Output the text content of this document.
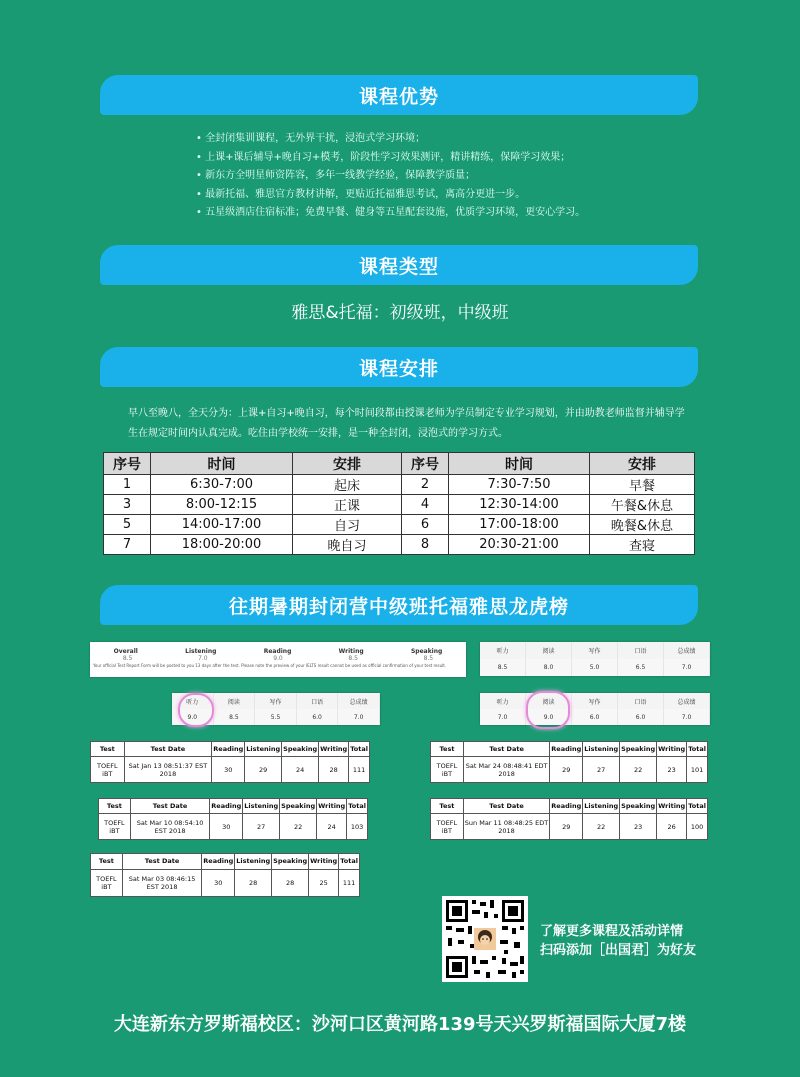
课程优势
• 全封闭集训课程，无外界干扰，浸泡式学习环境；
• 上课+课后辅导+晚自习+模考，阶段性学习效果测评，精讲精练，保障学习效果；
• 新东方全明星师资阵容，多年一线教学经验，保障教学质量；
• 最新托福、雅思官方教材讲解，更贴近托福雅思考试，离高分更进一步。
• 五星级酒店住宿标准；免费早餐、健身等五星配套设施，优质学习环境，更安心学习。
课程类型
雅思&托福：初级班，中级班
课程安排
早八至晚八，全天分为：上课+自习+晚自习，每个时间段都由授课老师为学员制定专业学习规划，并由助教老师监督并辅导学生在规定时间内认真完成。吃住由学校统一安排，是一种全封闭，浸泡式的学习方式。
序号	时间	安排	序号	时间	安排
1	6:30-7:00	起床	2	7:30-7:50	早餐
3	8:00-12:15	正课	4	12:30-14:00	午餐&休息
5	14:00-17:00	自习	6	17:00-18:00	晚餐&休息
7	18:00-20:00	晚自习	8	20:30-21:00	查寝
往期暑期封闭营中级班托福雅思龙虎榜
Overall	Listening	Reading	Writing	Speaking
8.5	7.0	9.0	8.5	8.5
Your official Test Report Form will be posted to you 13 days after the test. Please note the preview of your IELTS result cannot be used as official confirmation of your test result.
听力	阅读	写作	口语	总成绩
8.5	8.0	5.0	6.5	7.0
听力	阅读	写作	口语	总成绩
9.0	8.5	5.5	6.0	7.0
听力	阅读	写作	口语	总成绩
7.0	9.0	6.0	6.0	7.0
Test	Test Date	Reading	Listening	Speaking	Writing	Total
TOEFL iBT	Sat Jan 13 08:51:37 EST 2018	30	29	24	28	111
Test	Test Date	Reading	Listening	Speaking	Writing	Total
TOEFL iBT	Sat Mar 24 08:48:41 EDT 2018	29	27	22	23	101
Test	Test Date	Reading	Listening	Speaking	Writing	Total
TOEFL iBT	Sat Mar 10 08:54:10 EST 2018	30	27	22	24	103
Test	Test Date	Reading	Listening	Speaking	Writing	Total
TOEFL iBT	Sun Mar 11 08:48:25 EDT 2018	29	22	23	26	100
Test	Test Date	Reading	Listening	Speaking	Writing	Total
TOEFL iBT	Sat Mar 03 08:46:15 EST 2018	30	28	28	25	111
了解更多课程及活动详情
扫码添加［出国君］为好友
大连新东方罗斯福校区：沙河口区黄河路139号天兴罗斯福国际大厦7楼
